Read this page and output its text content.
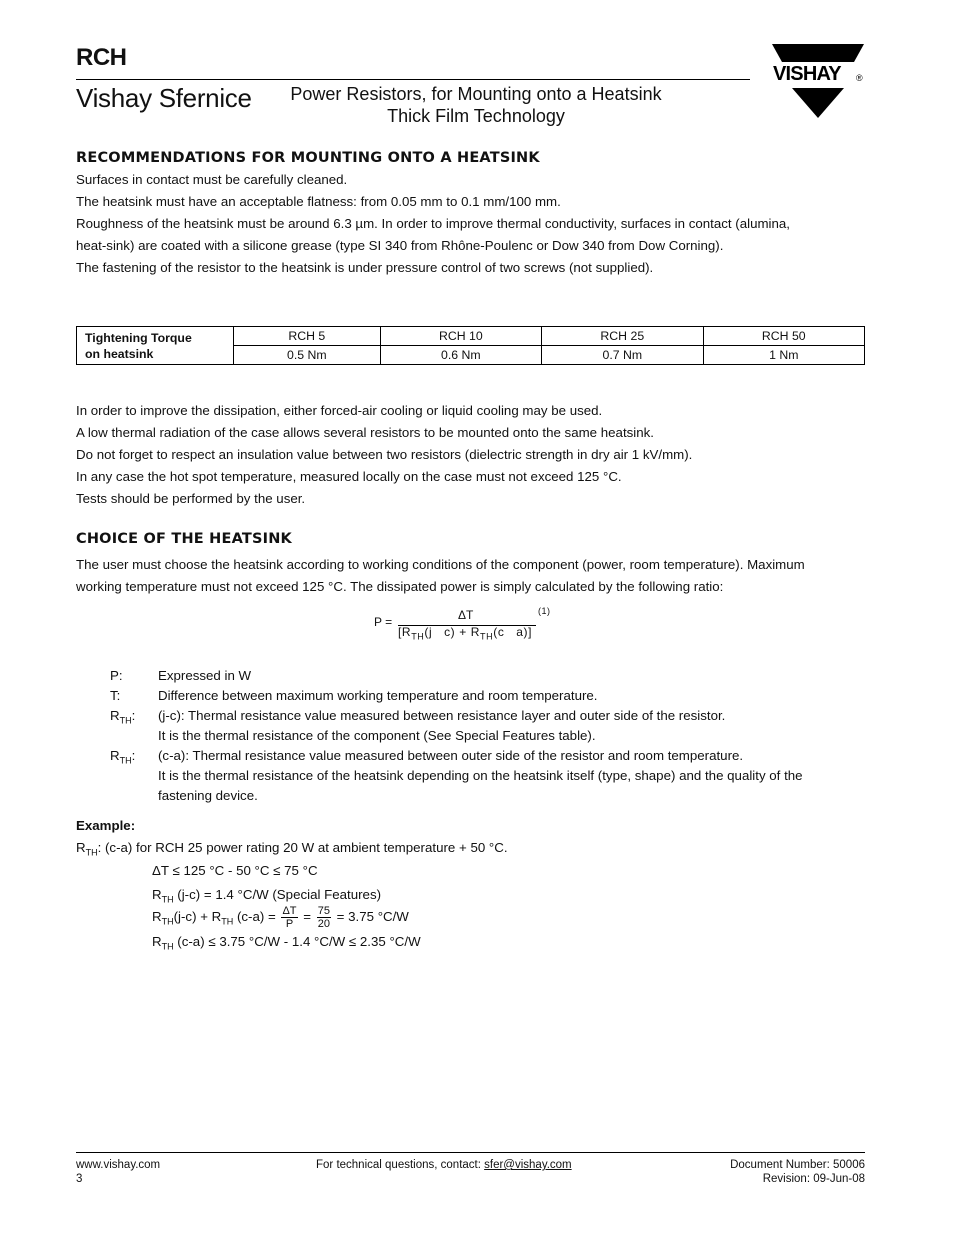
RCH
Vishay Sfernice	Power Resistors, for Mounting onto a Heatsink
Thick Film Technology
VISHAY ®
RECOMMENDATIONS FOR MOUNTING ONTO A HEATSINK
Surfaces in contact must be carefully cleaned.
The heatsink must have an acceptable flatness: from 0.05 mm to 0.1 mm/100 mm.
Roughness of the heatsink must be around 6.3 µm. In order to improve thermal conductivity, surfaces in contact (alumina,
heat-sink) are coated with a silicone grease (type SI 340 from Rhône-Poulenc or Dow 340 from Dow Corning).
The fastening of the resistor to the heatsink is under pressure control of two screws (not supplied).
Tightening Torque
on heatsink	RCH 5	RCH 10	RCH 25	RCH 50
	0.5 Nm	0.6 Nm	0.7 Nm	1 Nm
In order to improve the dissipation, either forced-air cooling or liquid cooling may be used.
A low thermal radiation of the case allows several resistors to be mounted onto the same heatsink.
Do not forget to respect an insulation value between two resistors (dielectric strength in dry air 1 kV/mm).
In any case the hot spot temperature, measured locally on the case must not exceed 125 °C.
Tests should be performed by the user.
CHOICE OF THE HEATSINK
The user must choose the heatsink according to working conditions of the component (power, room temperature). Maximum
working temperature must not exceed 125 °C. The dissipated power is simply calculated by the following ratio:
P =	ΔT
[$R_{TH}(j$   $c) + R_{TH}(c$   a)]
(1)
P:	Expressed in W
T:	Difference between maximum working temperature and room temperature.
$R_{TH}$: (j-c): Thermal resistance value measured between resistance layer and outer side of the resistor.
It is the thermal resistance of the component (See Special Features table).
$R_{TH}$: (c-a): Thermal resistance value measured between outer side of the resistor and room temperature.
It is the thermal resistance of the heatsink depending on the heatsink itself (type, shape) and the quality of the
fastening device.
Example:
$R_{TH}$: (c-a) for RCH 25 power rating 20 W at ambient temperature + 50 °C.
ΔT ≤ 125 °C - 50 °C ≤ 75 °C
$R_{TH}$ (j-c) = 1.4 °C/W (Special Features)
$R_{TH}(j-c) + R_{TH}$ $(c-a) = \frac{\Delta T}{P} = \frac{75}{20} = 3.75$ °C/W
$R_{TH}$ (c-a) ≤ 3.75 °C/W - 1.4 °C/W ≤ 2.35 °C/W
www.vishay.com
3
For technical questions, contact: sfer@vishay.com	Document Number: 50006
Revision: 09-Jun-08
